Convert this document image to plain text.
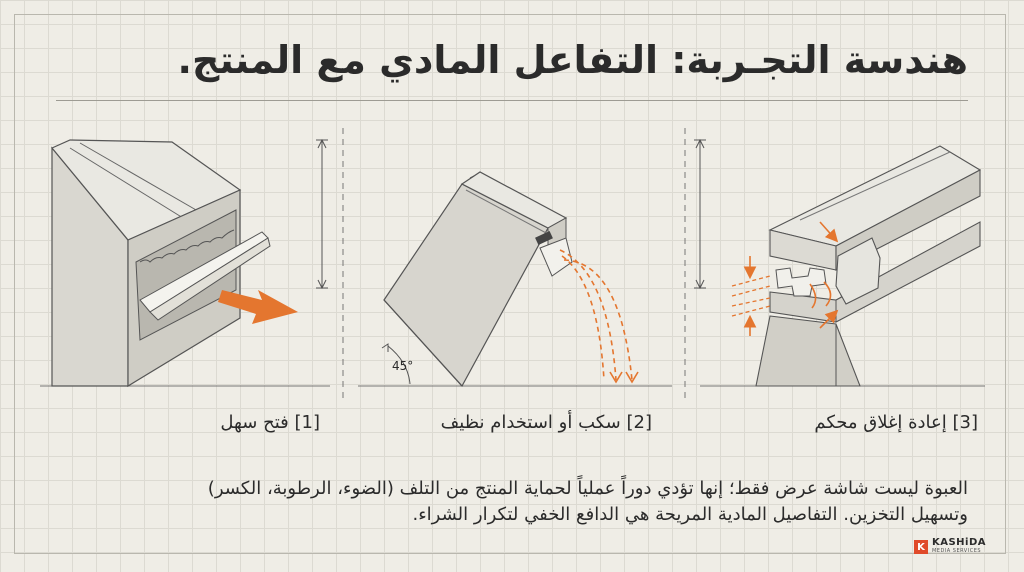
هندسة التجـربة: التفاعل المادي مع المنتج.
45°
[1] فتح سهل	[2] سكب أو استخدام نظيف	[3] إعادة إغلاق محكم
العبوة ليست شاشة عرض فقط؛ إنها تؤدي دوراً عملياً لحماية المنتج من التلف (الضوء، الرطوبة، الكسر)
وتسهيل التخزين. التفاصيل المادية المريحة هي الدافع الخفي لتكرار الشراء.
K KASHiDA
MEDIA SERVICES
